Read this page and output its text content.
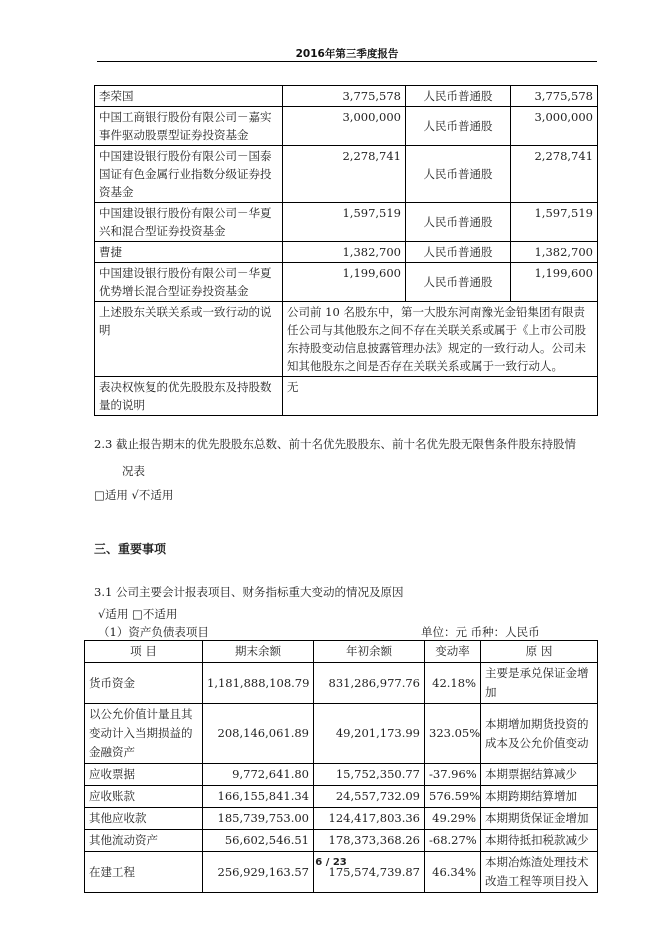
2016年第三季度报告
李荣国	3,775,578	人民币普通股	3,775,578
中国工商银行股份有限公司－嘉实事件驱动股票型证券投资基金	3,000,000	人民币普通股	3,000,000
中国建设银行股份有限公司－国泰国证有色金属行业指数分级证券投资基金	2,278,741	人民币普通股	2,278,741
中国建设银行股份有限公司－华夏兴和混合型证券投资基金	1,597,519	人民币普通股	1,597,519
曹捷	1,382,700	人民币普通股	1,382,700
中国建设银行股份有限公司－华夏优势增长混合型证券投资基金	1,199,600	人民币普通股	1,199,600
上述股东关联关系或一致行动的说明	公司前 10 名股东中，第一大股东河南豫光金铅集团有限责任公司与其他股东之间不存在关联关系或属于《上市公司股东持股变动信息披露管理办法》规定的一致行动人。公司未知其他股东之间是否存在关联关系或属于一致行动人。		
表决权恢复的优先股股东及持股数量的说明	无		
2.3 截止报告期末的优先股股东总数、前十名优先股股东、前十名优先股无限售条件股东持股情
况表
□适用 √不适用
三、重要事项
3.1 公司主要会计报表项目、财务指标重大变动的情况及原因
√适用 □不适用
（1）资产负债表项目	单位：元 币种：人民币
项 目	期末余额	年初余额	变动率	原 因
货币资金	1,181,888,108.79	831,286,977.76	42.18%	主要是承兑保证金增加
以公允价值计量且其变动计入当期损益的金融资产	208,146,061.89	49,201,173.99	323.05%	本期增加期货投资的成本及公允价值变动
应收票据	9,772,641.80	15,752,350.77	-37.96%	本期票据结算减少
应收账款	166,155,841.34	24,557,732.09	576.59%	本期跨期结算增加
其他应收款	185,739,753.00	124,417,803.36	49.29%	本期期货保证金增加
其他流动资产	56,602,546.51	178,373,368.26	-68.27%	本期待抵扣税款减少
在建工程	256,929,163.57	175,574,739.87	46.34%	本期冶炼渣处理技术改造工程等项目投入
6 / 23
